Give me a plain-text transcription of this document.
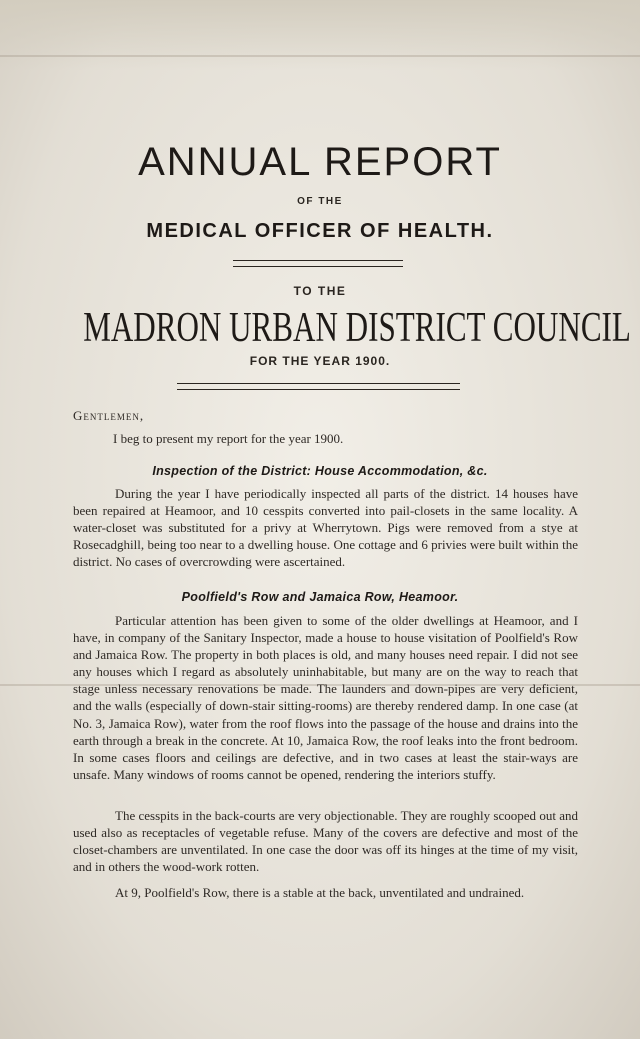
ANNUAL REPORT
OF THE
MEDICAL OFFICER OF HEALTH.
TO THE
MADRON URBAN DISTRICT COUNCIL
FOR THE YEAR 1900.
Gentlemen,
I beg to present my report for the year 1900.
Inspection of the District: House Accommodation, &c.
During the year I have periodically inspected all parts of the district. 14 houses have been repaired at Heamoor, and 10 cesspits converted into pail-closets in the same locality. A water-closet was substituted for a privy at Wherrytown. Pigs were removed from a stye at Rosecadghill, being too near to a dwelling house. One cottage and 6 privies were built within the district. No cases of overcrowding were ascertained.
Poolfield's Row and Jamaica Row, Heamoor.
Particular attention has been given to some of the older dwellings at Heamoor, and I have, in company of the Sanitary Inspector, made a house to house visitation of Poolfield's Row and Jamaica Row. The property in both places is old, and many houses need repair. I did not see any houses which I regard as absolutely uninhabitable, but many are on the way to reach that stage unless necessary renovations be made. The launders and down-pipes are very deficient, and the walls (especially of down-stair sitting-rooms) are thereby rendered damp. In one case (at No. 3, Jamaica Row), water from the roof flows into the passage of the house and drains into the earth through a break in the concrete. At 10, Jamaica Row, the roof leaks into the front bedroom. In some cases floors and ceilings are defective, and in two cases at least the stair-ways are unsafe. Many windows of rooms cannot be opened, rendering the interiors stuffy.
The cesspits in the back-courts are very objectionable. They are roughly scooped out and used also as receptacles of vegetable refuse. Many of the covers are defective and most of the closet-chambers are unventilated. In one case the door was off its hinges at the time of my visit, and in others the wood-work rotten.
At 9, Poolfield's Row, there is a stable at the back, unventilated and undrained.
